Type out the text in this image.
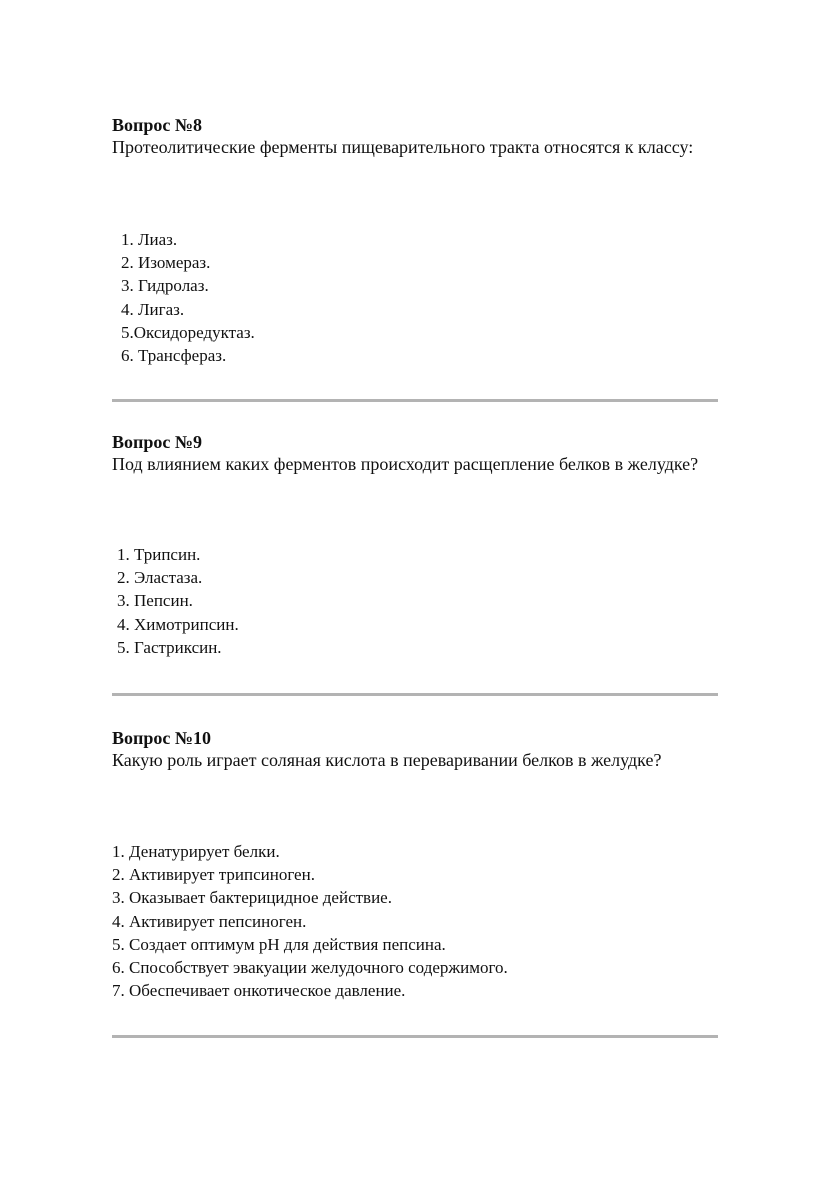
Вопрос №8

Протеолитические ферменты пищеварительного тракта относятся к классу:

1. Лиаз.
2. Изомераз.
3. Гидролаз.
4. Лигаз.
5.Оксидоредуктаз.
6. Трансфераз.

Вопрос №9

Под влиянием каких ферментов происходит расщепление белков в желудке?

1. Трипсин.
2. Эластаза.
3. Пепсин.
4. Химотрипсин.
5. Гастриксин.

Вопрос №10

Какую роль играет соляная кислота в переваривании белков в желудке?

1. Денатурирует белки.
2. Активирует трипсиноген.
3. Оказывает бактерицидное действие.
4. Активирует пепсиноген.
5. Создает оптимум pH для действия пепсина.
6. Способствует эвакуации желудочного содержимого.
7. Обеспечивает онкотическое давление.
